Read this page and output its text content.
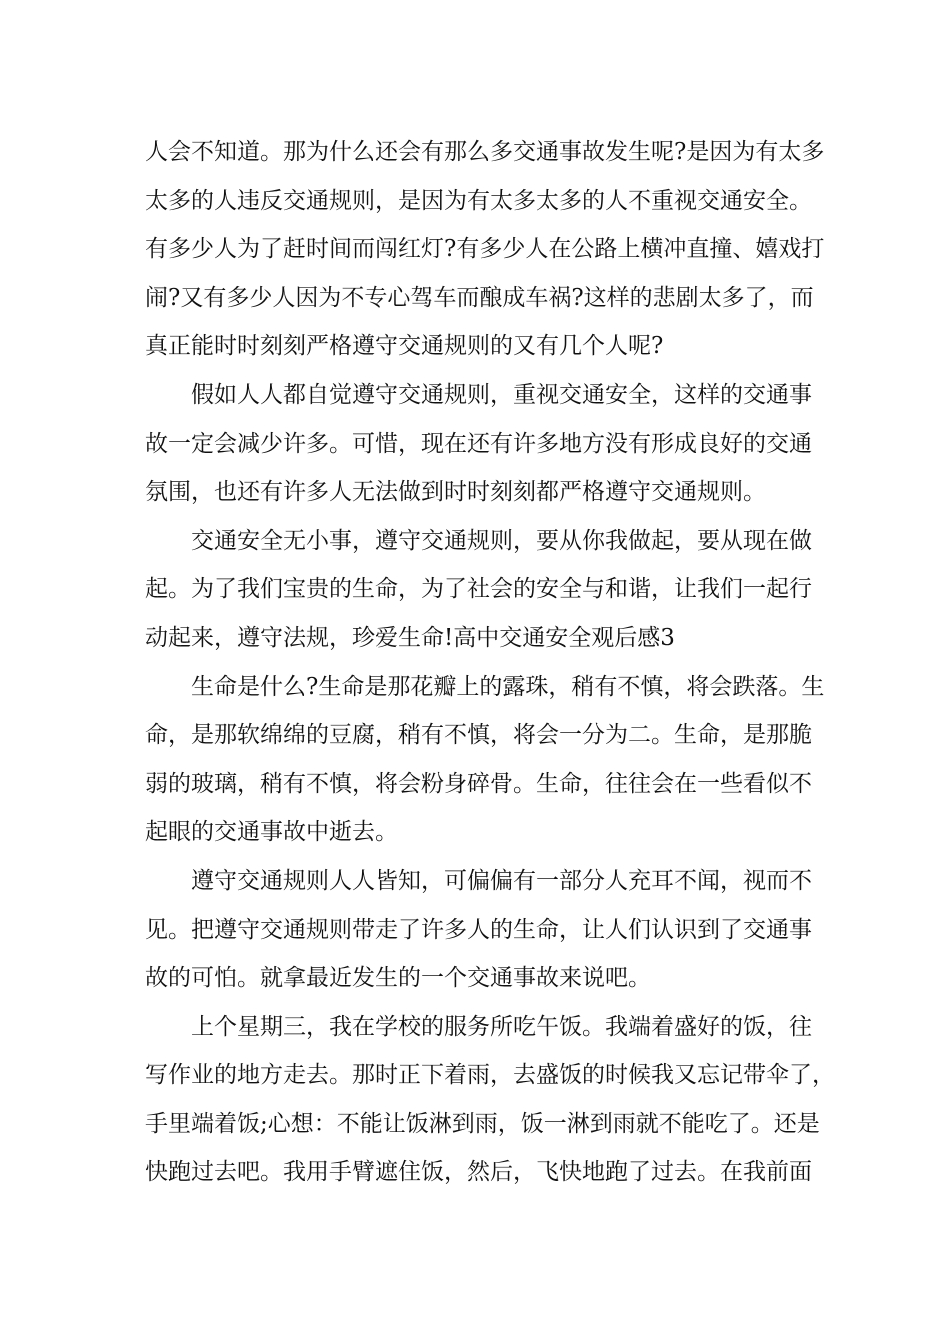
人会不知道。那为什么还会有那么多交通事故发生呢?是因为有太多
太多的人违反交通规则，是因为有太多太多的人不重视交通安全。
有多少人为了赶时间而闯红灯?有多少人在公路上横冲直撞、嬉戏打
闹?又有多少人因为不专心驾车而酿成车祸?这样的悲剧太多了，而
真正能时时刻刻严格遵守交通规则的又有几个人呢?
假如人人都自觉遵守交通规则，重视交通安全，这样的交通事
故一定会减少许多。可惜，现在还有许多地方没有形成良好的交通
氛围，也还有许多人无法做到时时刻刻都严格遵守交通规则。
交通安全无小事，遵守交通规则，要从你我做起，要从现在做
起。为了我们宝贵的生命，为了社会的安全与和谐，让我们一起行
动起来，遵守法规，珍爱生命!高中交通安全观后感3
生命是什么?生命是那花瓣上的露珠，稍有不慎，将会跌落。生
命，是那软绵绵的豆腐，稍有不慎，将会一分为二。生命，是那脆
弱的玻璃，稍有不慎，将会粉身碎骨。生命，往往会在一些看似不
起眼的交通事故中逝去。
遵守交通规则人人皆知，可偏偏有一部分人充耳不闻，视而不
见。把遵守交通规则带走了许多人的生命，让人们认识到了交通事
故的可怕。就拿最近发生的一个交通事故来说吧。
上个星期三，我在学校的服务所吃午饭。我端着盛好的饭，往
写作业的地方走去。那时正下着雨，去盛饭的时候我又忘记带伞了，
手里端着饭;心想：不能让饭淋到雨，饭一淋到雨就不能吃了。还是
快跑过去吧。我用手臂遮住饭，然后，飞快地跑了过去。在我前面
